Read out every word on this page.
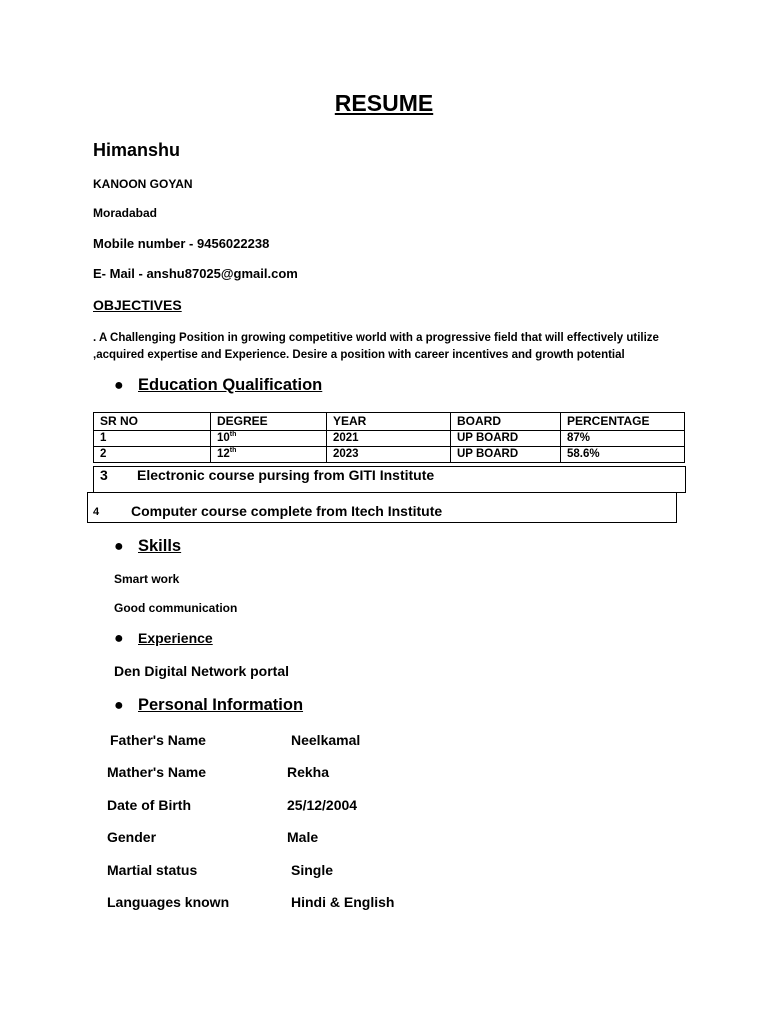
RESUME
Himanshu
KANOON GOYAN
Moradabad
Mobile number - 9456022238
E- Mail - anshu87025@gmail.com
OBJECTIVES
. A Challenging Position in growing competitive world with a progressive field that will effectively utilize ,acquired expertise and Experience. Desire a position with career incentives and growth potential
● Education Qualification
SR NO	DEGREE	YEAR	BOARD	PERCENTAGE
1	10th	2021	UP BOARD	87%
2	12th	2023	UP BOARD	58.6%
3 Electronic course pursing from GITI Institute
4 Computer course complete from Itech Institute
● Skills
Smart work
Good communication
● Experience
Den Digital Network portal
● Personal Information
Father's Name	Neelkamal
Mather's Name	Rekha
Date of Birth	25/12/2004
Gender	Male
Martial status	Single
Languages known	Hindi & English
